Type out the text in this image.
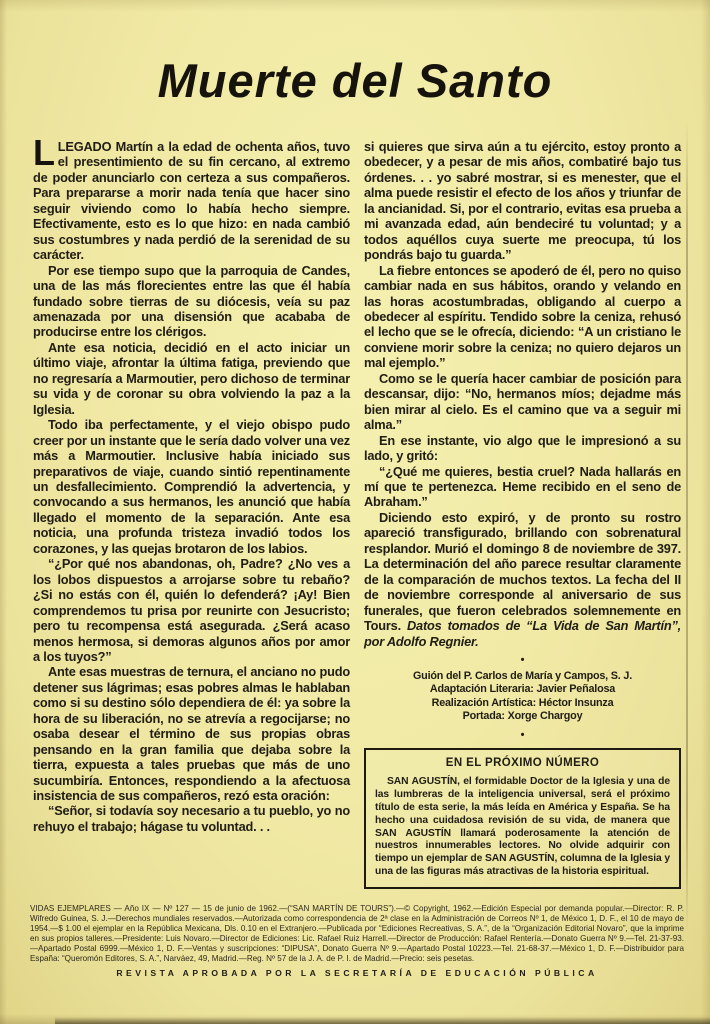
Muerte del Santo

LLEGADO Martín a la edad de ochenta años, tuvo el presentimiento de su fin cercano, al extremo de poder anunciarlo con certeza a sus compañeros. Para prepararse a morir nada tenía que hacer sino seguir viviendo como lo había hecho siempre. Efectivamente, esto es lo que hizo: en nada cambió sus costumbres y nada perdió de la serenidad de su carácter.

Por ese tiempo supo que la parroquia de Candes, una de las más florecientes entre las que él había fundado sobre tierras de su diócesis, veía su paz amenazada por una disensión que acababa de producirse entre los clérigos.

Ante esa noticia, decidió en el acto iniciar un último viaje, afrontar la última fatiga, previendo que no regresaría a Marmoutier, pero dichoso de terminar su vida y de coronar su obra volviendo la paz a la Iglesia.

Todo iba perfectamente, y el viejo obispo pudo creer por un instante que le sería dado volver una vez más a Marmoutier. Inclusive había iniciado sus preparativos de viaje, cuando sintió repentinamente un desfallecimiento. Comprendió la advertencia, y convocando a sus hermanos, les anunció que había llegado el momento de la separación. Ante esa noticia, una profunda tristeza invadió todos los corazones, y las quejas brotaron de los labios.

“¿Por qué nos abandonas, oh, Padre? ¿No ves a los lobos dispuestos a arrojarse sobre tu rebaño? ¿Si no estás con él, quién lo defenderá? ¡Ay! Bien comprendemos tu prisa por reunirte con Jesucristo; pero tu recompensa está asegurada. ¿Será acaso menos hermosa, si demoras algunos años por amor a los tuyos?”

Ante esas muestras de ternura, el anciano no pudo detener sus lágrimas; esas pobres almas le hablaban como si su destino sólo dependiera de él: ya sobre la hora de su liberación, no se atrevía a regocijarse; no osaba desear el término de sus propias obras pensando en la gran familia que dejaba sobre la tierra, expuesta a tales pruebas que más de uno sucumbiría. Entonces, respondiendo a la afectuosa insistencia de sus compañeros, rezó esta oración:

“Señor, si todavía soy necesario a tu pueblo, yo no rehuyo el trabajo; hágase tu voluntad. . .

si quieres que sirva aún a tu ejército, estoy pronto a obedecer, y a pesar de mis años, combatiré bajo tus órdenes. . . yo sabré mostrar, si es menester, que el alma puede resistir el efecto de los años y triunfar de la ancianidad. Si, por el contrario, evitas esa prueba a mi avanzada edad, aún bendeciré tu voluntad; y a todos aquéllos cuya suerte me preocupa, tú los pondrás bajo tu guarda.”

La fiebre entonces se apoderó de él, pero no quiso cambiar nada en sus hábitos, orando y velando en las horas acostumbradas, obligando al cuerpo a obedecer al espíritu. Tendido sobre la ceniza, rehusó el lecho que se le ofrecía, diciendo: “A un cristiano le conviene morir sobre la ceniza; no quiero dejaros un mal ejemplo.”

Como se le quería hacer cambiar de posición para descansar, dijo: “No, hermanos míos; dejadme más bien mirar al cielo. Es el camino que va a seguir mi alma.”

En ese instante, vio algo que le impresionó a su lado, y gritó:

“¿Qué me quieres, bestia cruel? Nada hallarás en mí que te pertenezca. Heme recibido en el seno de Abraham.”

Diciendo esto expiró, y de pronto su rostro apareció transfigurado, brillando con sobrenatural resplandor. Murió el domingo 8 de noviembre de 397. La determinación del año parece resultar claramente de la comparación de muchos textos. La fecha del II de noviembre corresponde al aniversario de sus funerales, que fueron celebrados solemnemente en Tours. Datos tomados de “La Vida de San Martín”, por Adolfo Regnier.

•
Guión del P. Carlos de María y Campos, S. J.
Adaptación Literaria: Javier Peñalosa
Realización Artística: Héctor Insunza
Portada: Xorge Chargoy
•
EN EL PRÓXIMO NÚMERO
SAN AGUSTÍN, el formidable Doctor de la Iglesia y una de las lumbreras de la inteligencia universal, será el próximo título de esta serie, la más leída en América y España. Se ha hecho una cuidadosa revisión de su vida, de manera que SAN AGUSTÍN llamará poderosamente la atención de nuestros innumerables lectores. No olvide adquirir con tiempo un ejemplar de SAN AGUSTÍN, columna de la Iglesia y una de las figuras más atractivas de la historia espiritual.

VIDAS EJEMPLARES — Año IX — Nº 127 — 15 de junio de 1962.—(“SAN MARTÍN DE TOURS”).—© Copyright, 1962.—Edición Especial por demanda popular.—Director: R. P. Wifredo Guinea, S. J.—Derechos mundiales reservados.—Autorizada como correspondencia de 2ª clase en la Administración de Correos Nº 1, de México 1, D. F., el 10 de mayo de 1954.—$ 1.00 el ejemplar en la República Mexicana, Dls. 0.10 en el Extranjero.—Publicada por “Ediciones Recreativas, S. A.”, de la “Organización Editorial Novaro”, que la imprime en sus propios talleres.—Presidente: Luis Novaro.—Director de Ediciones: Lic. Rafael Ruiz Harrell.—Director de Producción: Rafael Rentería.—Donato Guerra Nº 9.—Tel. 21-37-93.—Apartado Postal 6999.—México 1, D. F.—Ventas y suscripciones: “DIPUSA”, Donato Guerra Nº 9.—Apartado Postal 10223.—Tel. 21-68-37.—México 1, D. F.—Distribuidor para España: “Queromón Editores, S. A.”, Narváez, 49, Madrid.—Reg. Nº 57 de la J. A. de P. I. de Madrid.—Precio: seis pesetas.

REVISTA APROBADA POR LA SECRETARÍA DE EDUCACIÓN PÚBLICA
